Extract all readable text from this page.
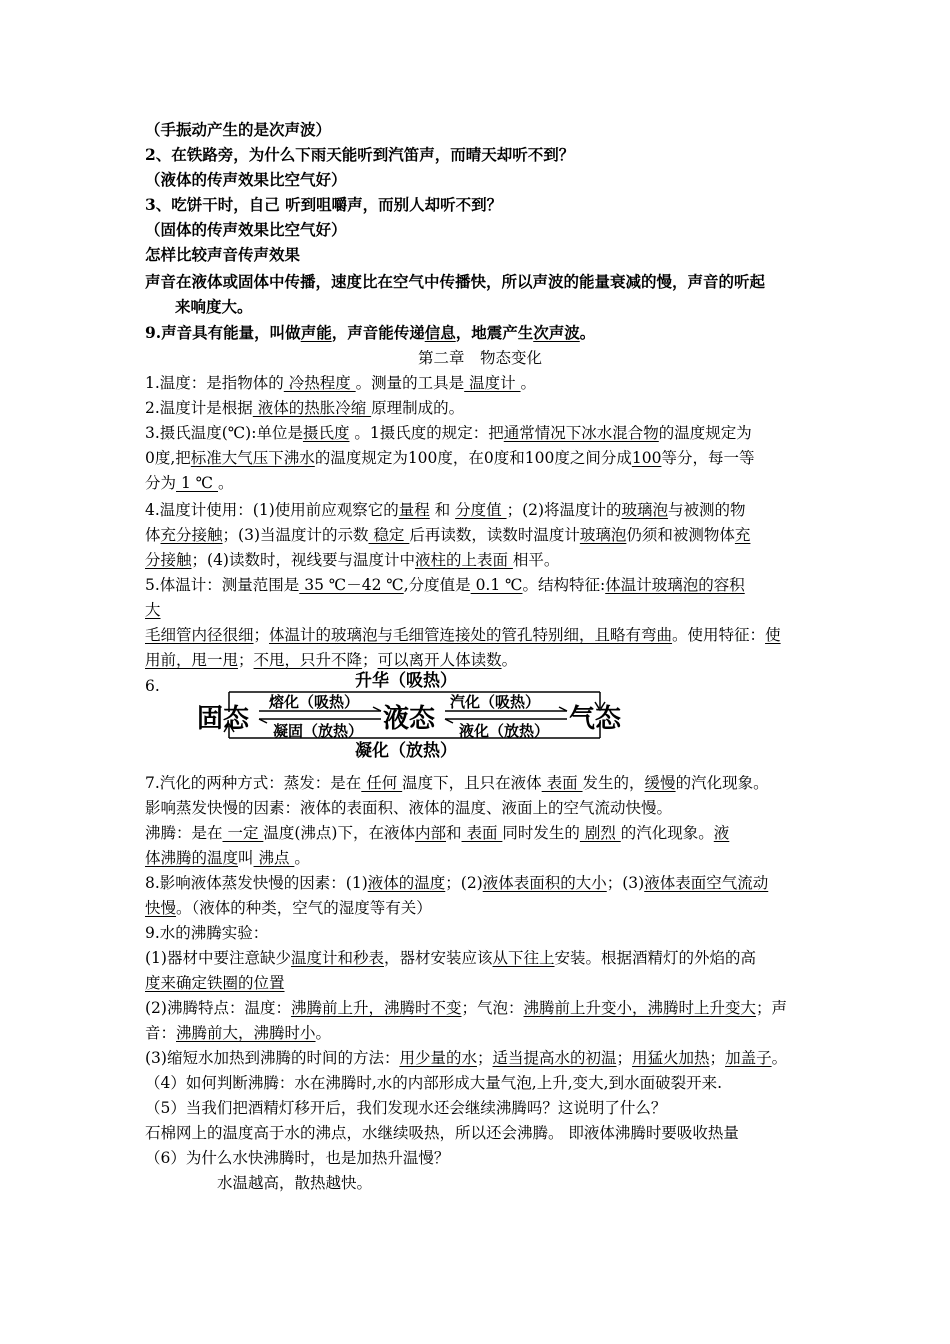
（手振动产生的是次声波）
2、在铁路旁，为什么下雨天能听到汽笛声，而晴天却听不到？
（液体的传声效果比空气好）
3、吃饼干时，自己 听到咀嚼声，而别人却听不到？
（固体的传声效果比空气好）
怎样比较声音传声效果
声音在液体或固体中传播，速度比在空气中传播快，所以声波的能量衰减的慢，声音的听起
来响度大。
9.声音具有能量，叫做声能，声音能传递信息，地震产生次声波。
第二章　物态变化
1.温度：是指物体的 冷热程度 。测量的工具是 温度计 。
2.温度计是根据 液体的热胀冷缩 原理制成的。
3.摄氏温度(℃):单位是摄氏度 。1摄氏度的规定：把通常情况下冰水混合物的温度规定为
0度,把标准大气压下沸水的温度规定为100度，在0度和100度之间分成100等分，每一等
分为 1 ℃ 。
4.温度计使用：(1)使用前应观察它的量程 和 分度值 ；(2)将温度计的玻璃泡与被测的物
体充分接触；(3)当温度计的示数 稳定 后再读数，读数时温度计玻璃泡仍须和被测物体充
分接触；(4)读数时，视线要与温度计中液柱的上表面 相平。
5.体温计：测量范围是 35 ℃－42 ℃,分度值是 0.1 ℃。结构特征:体温计玻璃泡的容积
大
毛细管内径很细；体温计的玻璃泡与毛细管连接处的管孔特别细，且略有弯曲。使用特征：使
用前，甩一甩；不甩，只升不降；可以离开人体读数。
6.
7.汽化的两种方式：蒸发：是在 任何 温度下，且只在液体 表面 发生的，缓慢的汽化现象。
影响蒸发快慢的因素：液体的表面积、液体的温度、液面上的空气流动快慢。
沸腾：是在 一定 温度(沸点)下，在液体内部和 表面 同时发生的 剧烈 的汽化现象。液
体沸腾的温度叫 沸点 。
8.影响液体蒸发快慢的因素：(1)液体的温度；(2)液体表面积的大小；(3)液体表面空气流动
快慢。（液体的种类，空气的湿度等有关）
9.水的沸腾实验：
(1)器材中要注意缺少温度计和秒表，器材安装应该从下往上安装。根据酒精灯的外焰的高
度来确定铁圈的位置
(2)沸腾特点：温度：沸腾前上升，沸腾时不变；气泡：沸腾前上升变小，沸腾时上升变大；声
音：沸腾前大，沸腾时小。
(3)缩短水加热到沸腾的时间的方法：用少量的水；适当提高水的初温；用猛火加热；加盖子。
（4）如何判断沸腾：水在沸腾时,水的内部形成大量气泡,上升,变大,到水面破裂开来.
（5）当我们把酒精灯移开后，我们发现水还会继续沸腾吗？这说明了什么？
石棉网上的温度高于水的沸点，水继续吸热，所以还会沸腾。 即液体沸腾时要吸收热量
（6）为什么水快沸腾时，也是加热升温慢？
水温越高，散热越快。
固态	液态	气态
升华（吸热）
熔化（吸热）
凝固（放热）
汽化（吸热）
液化（放热）
凝化（放热）
